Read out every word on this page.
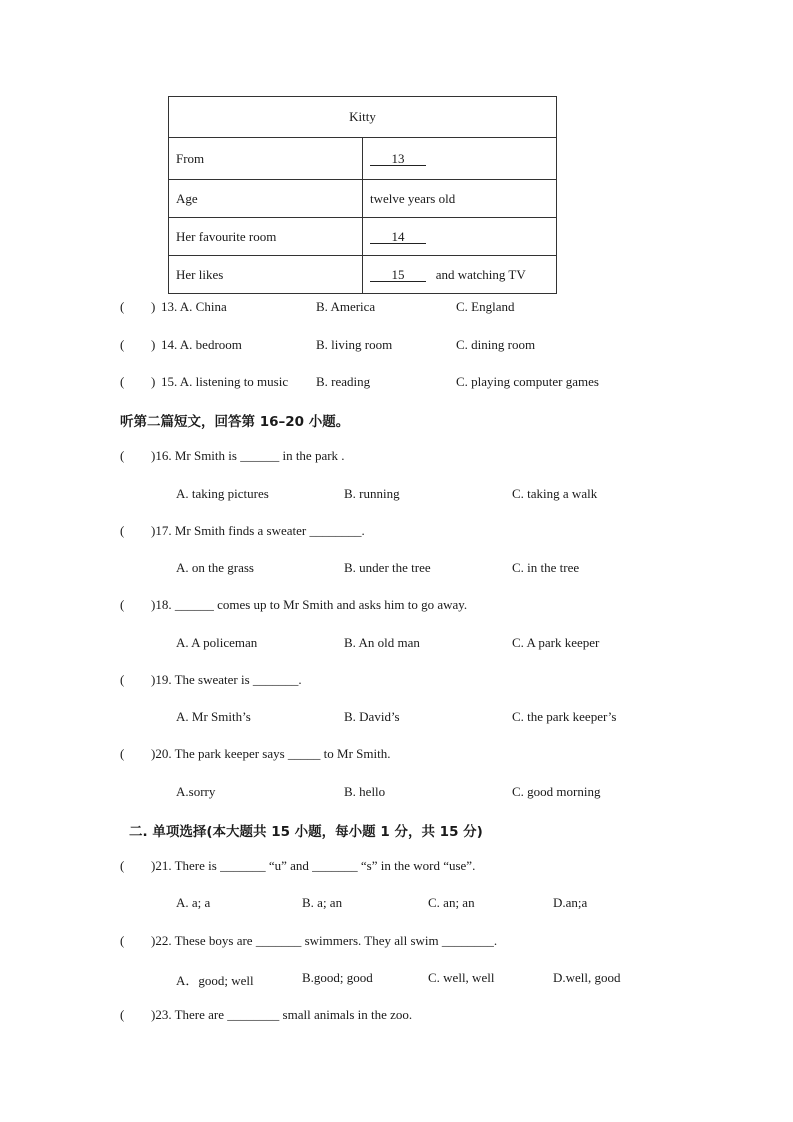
Kitty	
From	13
Age	twelve years old
Her favourite room	14
Her likes	15 and watching TV
( ) 13. A. China	B. America	C. England
( ) 14. A. bedroom	B. living room	C. dining room
( ) 15. A. listening to music B. reading	C. playing computer games
听第二篇短文，回答第 16–20 小题。
( )16. Mr Smith is ______ in the park .
A. taking pictures	B. running	C. taking a walk
( )17. Mr Smith finds a sweater ________.
A. on the grass	B. under the tree	C. in the tree
( )18. ______ comes up to Mr Smith and asks him to go away.
A. A policeman	B. An old man	C. A park keeper
( )19. The sweater is _______.
A. Mr Smith’s	B. David’s	C. the park keeper’s
( )20. The park keeper says _____ to Mr Smith.
A.sorry	B. hello	C. good morning
二. 单项选择(本大题共 15 小题，每小题 1 分，共 15 分)
( )21. There is _______ “u” and _______ “s” in the word “use”.
A. a; a	B. a; an	C. an; an	D.an;a
( )22. These boys are _______ swimmers. They all swim ________.
A．good; well	B.good; good	C. well, well	D.well, good
( )23. There are ________ small animals in the zoo.
